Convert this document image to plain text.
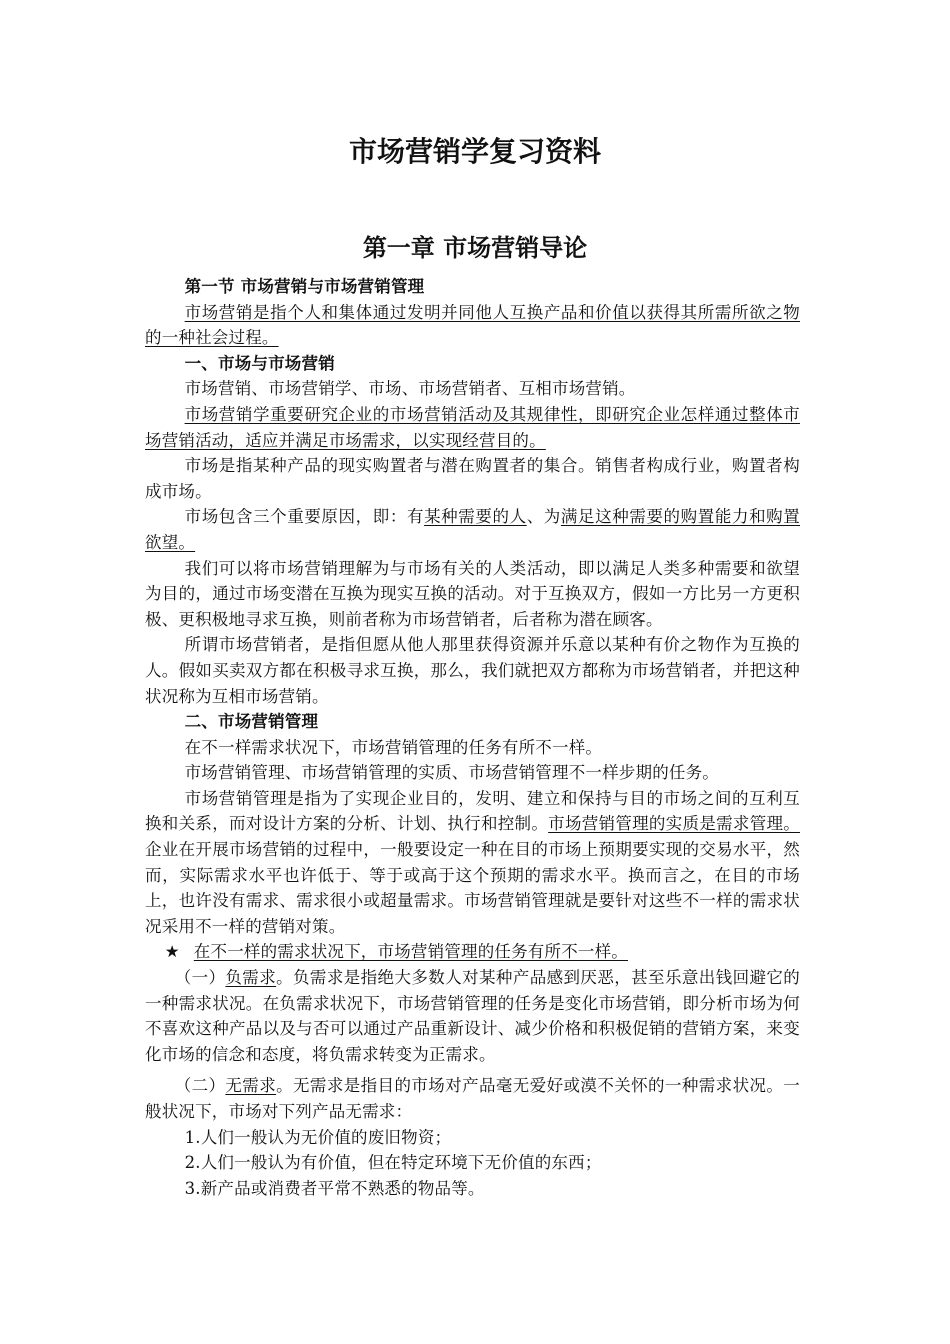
市场营销学复习资料
第一章 市场营销导论

第一节 市场营销与市场营销管理

市场营销是指个人和集体通过发明并同他人互换产品和价值以获得其所需所欲之物的一种社会过程。

一、市场与市场营销

市场营销、市场营销学、市场、市场营销者、互相市场营销。

市场营销学重要研究企业的市场营销活动及其规律性，即研究企业怎样通过整体市场营销活动，适应并满足市场需求，以实现经营目的。

市场是指某种产品的现实购置者与潜在购置者的集合。销售者构成行业，购置者构成市场。

市场包含三个重要原因，即：有某种需要的人、为满足这种需要的购置能力和购置欲望。

我们可以将市场营销理解为与市场有关的人类活动，即以满足人类多种需要和欲望为目的，通过市场变潜在互换为现实互换的活动。对于互换双方，假如一方比另一方更积极、更积极地寻求互换，则前者称为市场营销者，后者称为潜在顾客。

所谓市场营销者，是指但愿从他人那里获得资源并乐意以某种有价之物作为互换的人。假如买卖双方都在积极寻求互换，那么，我们就把双方都称为市场营销者，并把这种状况称为互相市场营销。

二、市场营销管理

在不一样需求状况下，市场营销管理的任务有所不一样。

市场营销管理、市场营销管理的实质、市场营销管理不一样步期的任务。

市场营销管理是指为了实现企业目的，发明、建立和保持与目的市场之间的互利互换和关系，而对设计方案的分析、计划、执行和控制。市场营销管理的实质是需求管理。企业在开展市场营销的过程中，一般要设定一种在目的市场上预期要实现的交易水平，然而，实际需求水平也许低于、等于或高于这个预期的需求水平。换而言之，在目的市场上，也许没有需求、需求很小或超量需求。市场营销管理就是要针对这些不一样的需求状况采用不一样的营销对策。

★ 在不一样的需求状况下，市场营销管理的任务有所不一样。

（一）负需求。负需求是指绝大多数人对某种产品感到厌恶，甚至乐意出钱回避它的一种需求状况。在负需求状况下，市场营销管理的任务是变化市场营销，即分析市场为何不喜欢这种产品以及与否可以通过产品重新设计、减少价格和积极促销的营销方案，来变化市场的信念和态度，将负需求转变为正需求。

（二）无需求。无需求是指目的市场对产品毫无爱好或漠不关怀的一种需求状况。一般状况下，市场对下列产品无需求：

1.人们一般认为无价值的废旧物资；

2.人们一般认为有价值，但在特定环境下无价值的东西；

3.新产品或消费者平常不熟悉的物品等。
